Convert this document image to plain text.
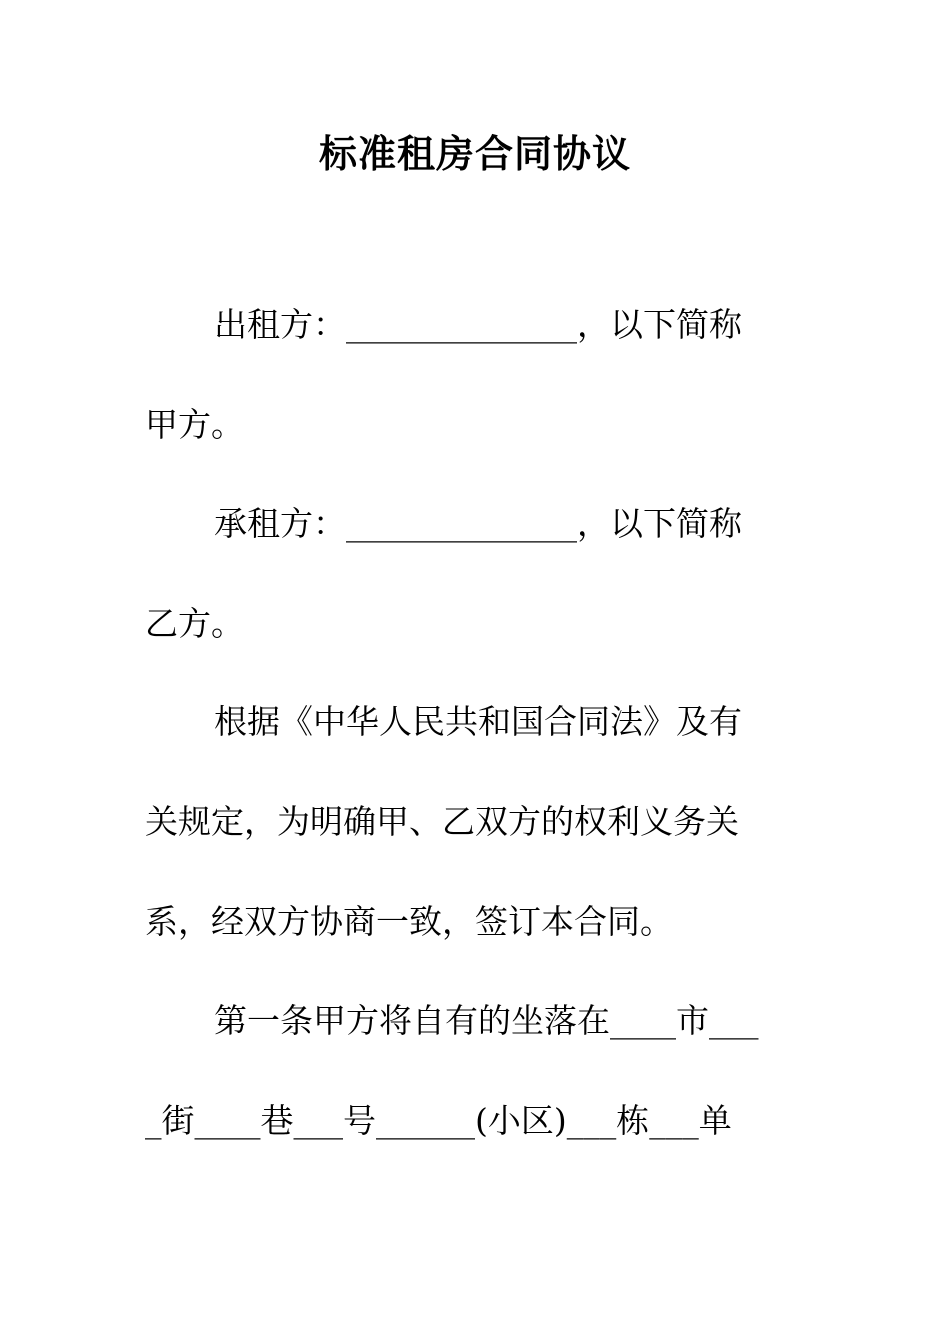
标准租房合同协议

出租方：______________，以下简称

甲方。

承租方：______________，以下简称

乙方。

根据《中华人民共和国合同法》及有

关规定，为明确甲、乙双方的权利义务关

系，经双方协商一致，签订本合同。

第一条甲方将自有的坐落在____市___

_街____巷___号______(小区)___栋___单
